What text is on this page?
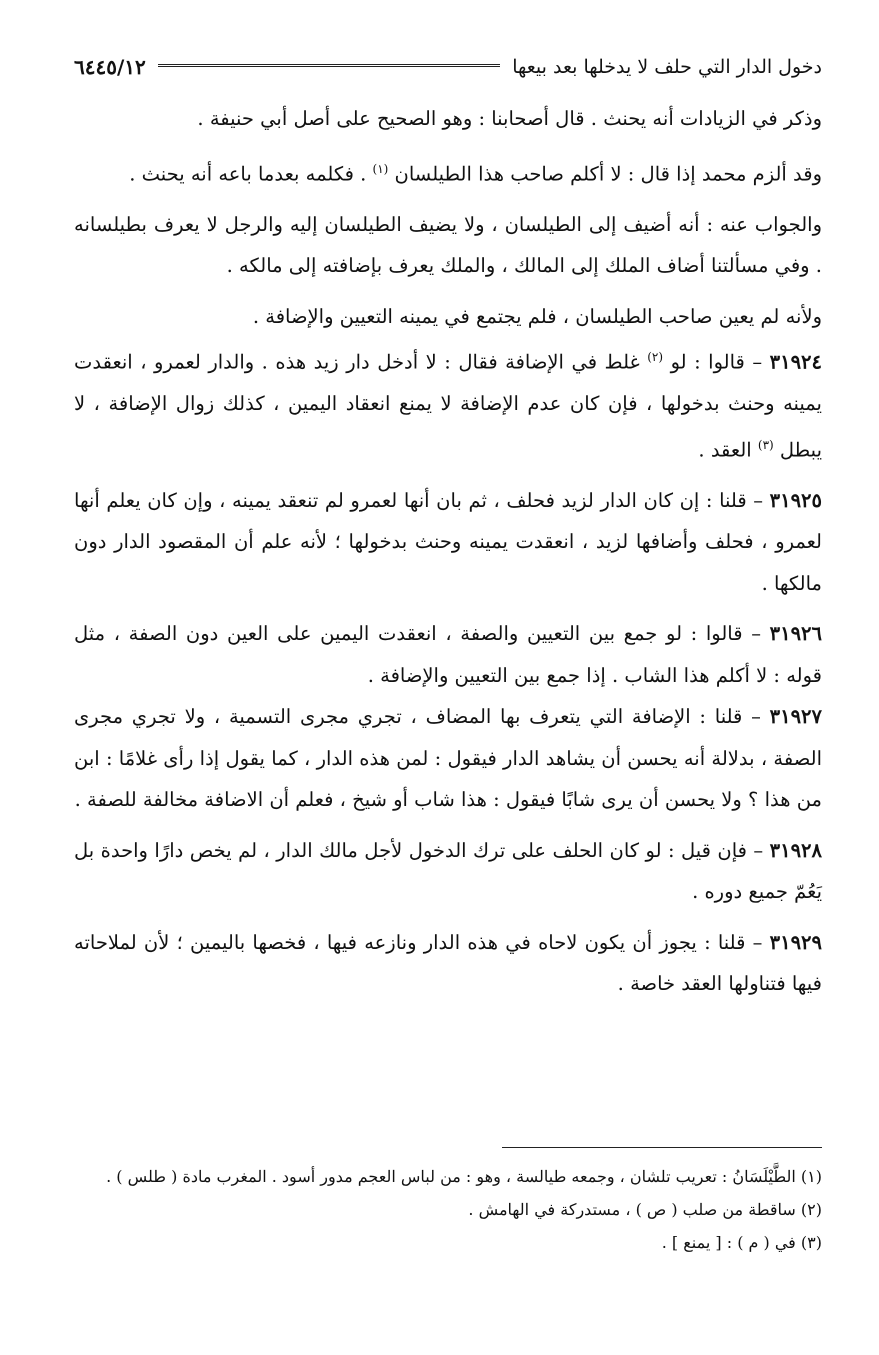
دخول الدار التي حلف لا يدخلها بعد بيعها
٦٤٤٥/١٢

وذكر في الزيادات أنه يحنث . قال أصحابنا : وهو الصحيح على أصل أبي حنيفة .

وقد ألزم محمد إذا قال : لا أكلم صاحب هذا الطيلسان $^{(١)}$ . فكلمه بعدما باعه أنه يحنث .

والجواب عنه : أنه أضيف إلى الطيلسان ، ولا يضيف الطيلسان إليه والرجل لا يعرف بطيلسانه . وفي مسألتنا أضاف الملك إلى المالك ، والملك يعرف بإضافته إلى مالكه .

ولأنه لم يعين صاحب الطيلسان ، فلم يجتمع في يمينه التعيين والإضافة .

٣١٩٢٤ – قالوا : لو $^{(٢)}$ غلط في الإضافة فقال : لا أدخل دار زيد هذه . والدار لعمرو ، انعقدت يمينه وحنث بدخولها ، فإن كان عدم الإضافة لا يمنع انعقاد اليمين ، كذلك زوال الإضافة ، لا يبطل $^{(٣)}$ العقد .

٣١٩٢٥ – قلنا : إن كان الدار لزيد فحلف ، ثم بان أنها لعمرو لم تنعقد يمينه ، وإن كان يعلم أنها لعمرو ، فحلف وأضافها لزيد ، انعقدت يمينه وحنث بدخولها ؛ لأنه علم أن المقصود الدار دون مالكها .

٣١٩٢٦ – قالوا : لو جمع بين التعيين والصفة ، انعقدت اليمين على العين دون الصفة ، مثل قوله : لا أكلم هذا الشاب . إذا جمع بين التعيين والإضافة .

٣١٩٢٧ – قلنا : الإضافة التي يتعرف بها المضاف ، تجري مجرى التسمية ، ولا تجري مجرى الصفة ، بدلالة أنه يحسن أن يشاهد الدار فيقول : لمن هذه الدار ، كما يقول إذا رأى غلامًا : ابن من هذا ؟ ولا يحسن أن يرى شابًا فيقول : هذا شاب أو شيخ ، فعلم أن الاضافة مخالفة للصفة .

٣١٩٢٨ – فإن قيل : لو كان الحلف على ترك الدخول لأجل مالك الدار ، لم يخص دارًا واحدة بل يَعُمّ جميع دوره .

٣١٩٢٩ – قلنا : يجوز أن يكون لاحاه في هذه الدار ونازعه فيها ، فخصها باليمين ؛ لأن لملاحاته فيها فتناولها العقد خاصة .

(١) الطَّيْلَسَانُ : تعريب تلشان ، وجمعه طيالسة ، وهو : من لباس العجم مدور أسود . المغرب مادة ( طلس ) .
(٢) ساقطة من صلب ( ص ) ، مستدركة في الهامش .
(٣) في ( م ) : [ يمنع ] .
